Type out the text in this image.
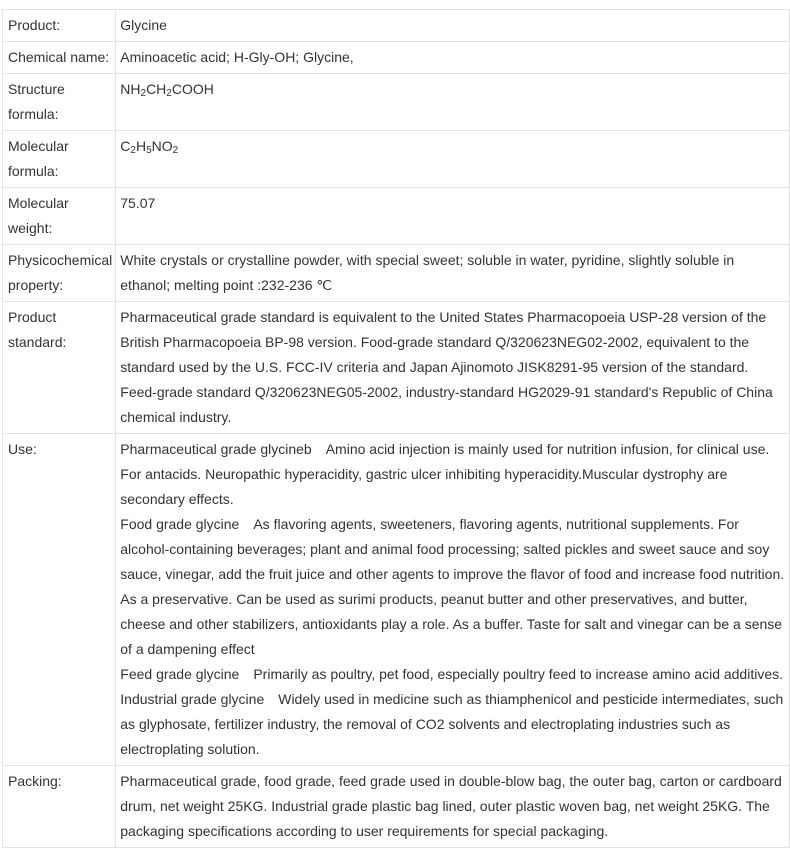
Product:	Glycine
Chemical name:	Aminoacetic acid; H-Gly-OH; Glycine,
Structure formula:	$NH_2CH_2COOH$
Molecular formula:	$C_2H_5NO_2$
Molecular weight:	75.07
Physicochemical property:	White crystals or crystalline powder, with special sweet; soluble in water, pyridine, slightly soluble in ethanol; melting point :232-236 ℃
Product standard:	Pharmaceutical grade standard is equivalent to the United States Pharmacopoeia USP-28 version of the British Pharmacopoeia BP-98 version. Food-grade standard Q/320623NEG02-2002, equivalent to the standard used by the U.S. FCC-IV criteria and Japan Ajinomoto JISK8291-95 version of the standard. Feed-grade standard Q/320623NEG05-2002, industry-standard HG2029-91 standard's Republic of China chemical industry.
Use:	Pharmaceutical grade glycineb　Amino acid injection is mainly used for nutrition infusion, for clinical use. For antacids. Neuropathic hyperacidity, gastric ulcer inhibiting hyperacidity.Muscular dystrophy are secondary effects.
Food grade glycine　As flavoring agents, sweeteners, flavoring agents, nutritional supplements. For alcohol-containing beverages; plant and animal food processing; salted pickles and sweet sauce and soy sauce, vinegar, add the fruit juice and other agents to improve the flavor of food and increase food nutrition. As a preservative. Can be used as surimi products, peanut butter and other preservatives, and butter, cheese and other stabilizers, antioxidants play a role. As a buffer. Taste for salt and vinegar can be a sense of a dampening effect
Feed grade glycine　Primarily as poultry, pet food, especially poultry feed to increase amino acid additives.
Industrial grade glycine　Widely used in medicine such as thiamphenicol and pesticide intermediates, such as glyphosate, fertilizer industry, the removal of CO2 solvents and electroplating industries such as electroplating solution.

Packing:	Pharmaceutical grade, food grade, feed grade used in double-blow bag, the outer bag, carton or cardboard drum, net weight 25KG. Industrial grade plastic bag lined, outer plastic woven bag, net weight 25KG. The packaging specifications according to user requirements for special packaging.
